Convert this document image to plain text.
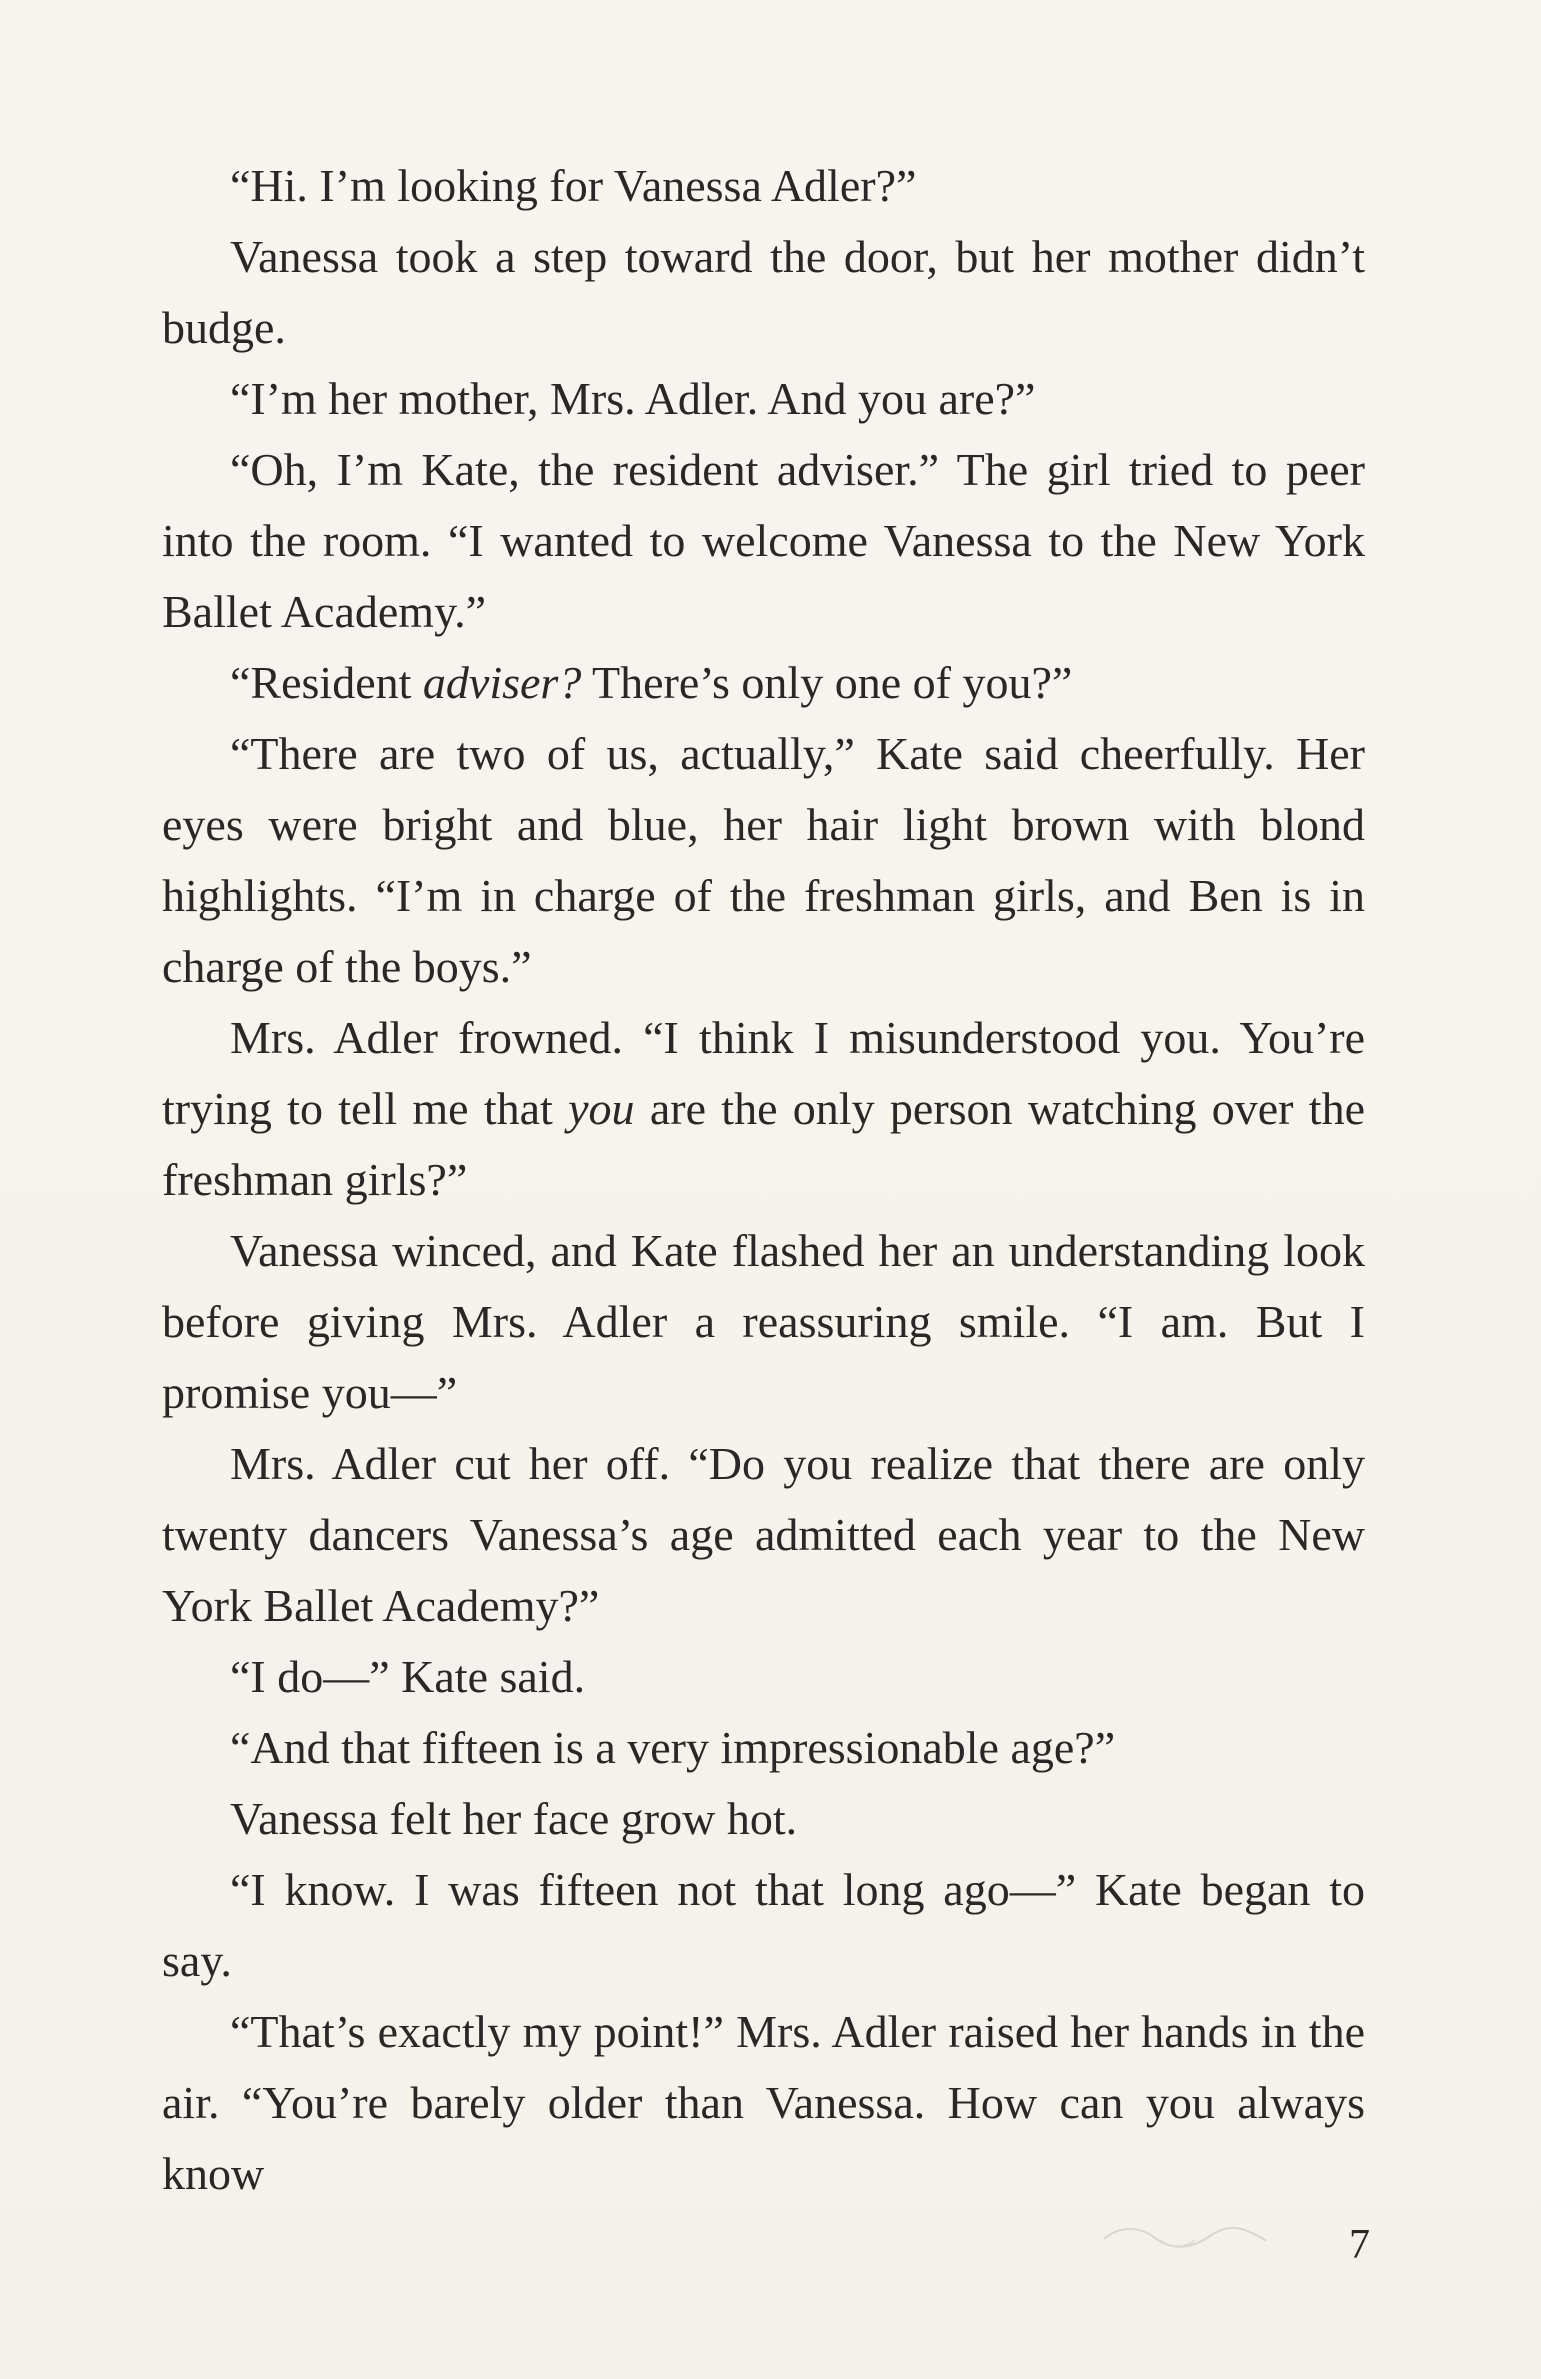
“Hi. I’m looking for Vanessa Adler?”

Vanessa took a step toward the door, but her mother didn’t budge.

“I’m her mother, Mrs. Adler. And you are?”

“Oh, I’m Kate, the resident adviser.” The girl tried to peer into the room. “I wanted to welcome Vanessa to the New York Ballet Academy.”

“Resident adviser? There’s only one of you?”

“There are two of us, actually,” Kate said cheerfully. Her eyes were bright and blue, her hair light brown with blond highlights. “I’m in charge of the freshman girls, and Ben is in charge of the boys.”

Mrs. Adler frowned. “I think I misunderstood you. You’re trying to tell me that you are the only person watching over the freshman girls?”

Vanessa winced, and Kate flashed her an understanding look before giving Mrs. Adler a reassuring smile. “I am. But I promise you—”

Mrs. Adler cut her off. “Do you realize that there are only twenty dancers Vanessa’s age admitted each year to the New York Ballet Academy?”

“I do—” Kate said.

“And that fifteen is a very impressionable age?”

Vanessa felt her face grow hot.

“I know. I was fifteen not that long ago—” Kate began to say.

“That’s exactly my point!” Mrs. Adler raised her hands in the air. “You’re barely older than Vanessa. How can you always know

7
